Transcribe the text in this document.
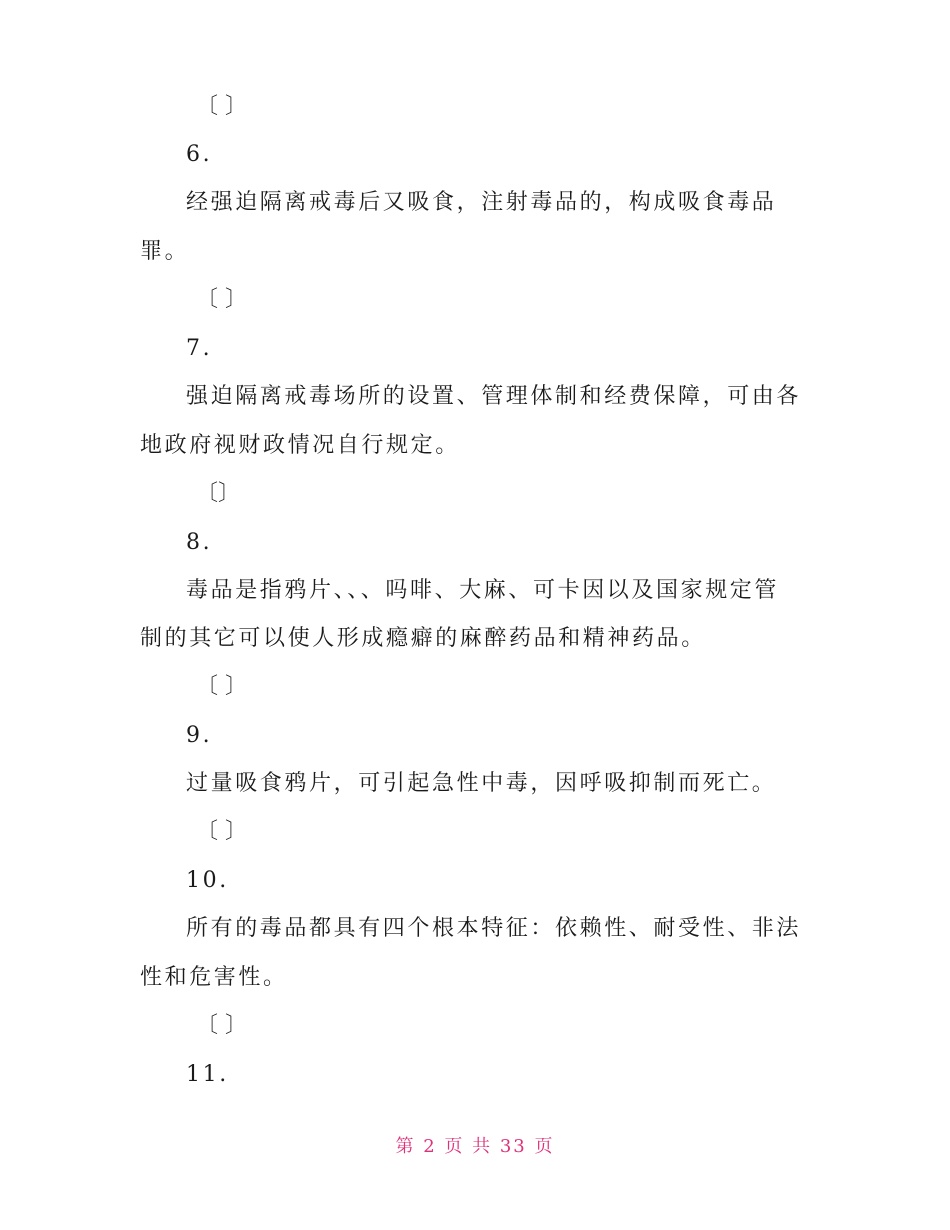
〔 〕
6.
经强迫隔离戒毒后又吸食，注射毒品的，构成吸食毒品
罪。
〔 〕
7.
强迫隔离戒毒场所的设置、管理体制和经费保障，可由各
地政府视财政情况自行规定。
〔〕
8.
毒品是指鸦片、、、吗啡、大麻、可卡因以及国家规定管
制的其它可以使人形成瘾癖的麻醉药品和精神药品。
〔 〕
9.
过量吸食鸦片，可引起急性中毒，因呼吸抑制而死亡。
〔 〕
10.
所有的毒品都具有四个根本特征：依赖性、耐受性、非法
性和危害性。
〔 〕
11.
第 2 页 共 33 页
